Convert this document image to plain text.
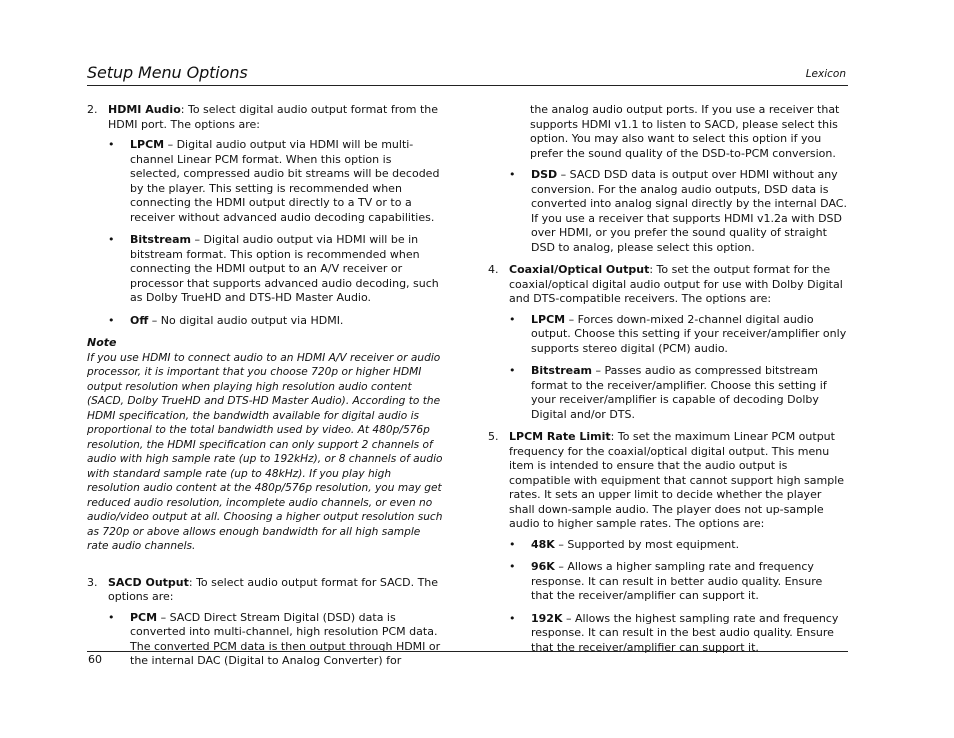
Setup Menu Options	Lexicon
2. HDMI Audio: To select digital audio output format from the HDMI port. The options are:
•	LPCM – Digital audio output via HDMI will be multi-channel Linear PCM format. When this option is selected, compressed audio bit streams will be decoded by the player. This setting is recommended when connecting the HDMI output directly to a TV or to a receiver without advanced audio decoding capabilities.
•	Bitstream – Digital audio output via HDMI will be in bitstream format. This option is recommended when connecting the HDMI output to an A/V receiver or processor that supports advanced audio decoding, such as Dolby TrueHD and DTS-HD Master Audio.
•	Off – No digital audio output via HDMI.
Note
If you use HDMI to connect audio to an HDMI A/V receiver or audio processor, it is important that you choose 720p or higher HDMI output resolution when playing high resolution audio content (SACD, Dolby TrueHD and DTS-HD Master Audio). According to the HDMI specification, the bandwidth available for digital audio is proportional to the total bandwidth used by video. At 480p/576p resolution, the HDMI specification can only support 2 channels of audio with high sample rate (up to 192kHz), or 8 channels of audio with standard sample rate (up to 48kHz). If you play high resolution audio content at the 480p/576p resolution, you may get reduced audio resolution, incomplete audio channels, or even no audio/video output at all. Choosing a higher output resolution such as 720p or above allows enough bandwidth for all high sample rate audio channels.
3. SACD Output: To select audio output format for SACD. The options are:
•	PCM – SACD Direct Stream Digital (DSD) data is converted into multi-channel, high resolution PCM data. The converted PCM data is then output through HDMI or the internal DAC (Digital to Analog Converter) for
the analog audio output ports. If you use a receiver that supports HDMI v1.1 to listen to SACD, please select this option. You may also want to select this option if you prefer the sound quality of the DSD-to-PCM conversion.
•	DSD – SACD DSD data is output over HDMI without any conversion. For the analog audio outputs, DSD data is converted into analog signal directly by the internal DAC. If you use a receiver that supports HDMI v1.2a with DSD over HDMI, or you prefer the sound quality of straight DSD to analog, please select this option.
4. Coaxial/Optical Output: To set the output format for the coaxial/optical digital audio output for use with Dolby Digital and DTS-compatible receivers. The options are:
•	LPCM – Forces down-mixed 2-channel digital audio output. Choose this setting if your receiver/amplifier only supports stereo digital (PCM) audio.
•	Bitstream – Passes audio as compressed bitstream format to the receiver/amplifier. Choose this setting if your receiver/amplifier is capable of decoding Dolby Digital and/or DTS.
5. LPCM Rate Limit: To set the maximum Linear PCM output frequency for the coaxial/optical digital output. This menu item is intended to ensure that the audio output is compatible with equipment that cannot support high sample rates. It sets an upper limit to decide whether the player shall down-sample audio. The player does not up-sample audio to higher sample rates. The options are:
•	48K – Supported by most equipment.
•	96K – Allows a higher sampling rate and frequency response. It can result in better audio quality. Ensure that the receiver/amplifier can support it.
•	192K – Allows the highest sampling rate and frequency response. It can result in the best audio quality. Ensure that the receiver/amplifier can support it.
60
